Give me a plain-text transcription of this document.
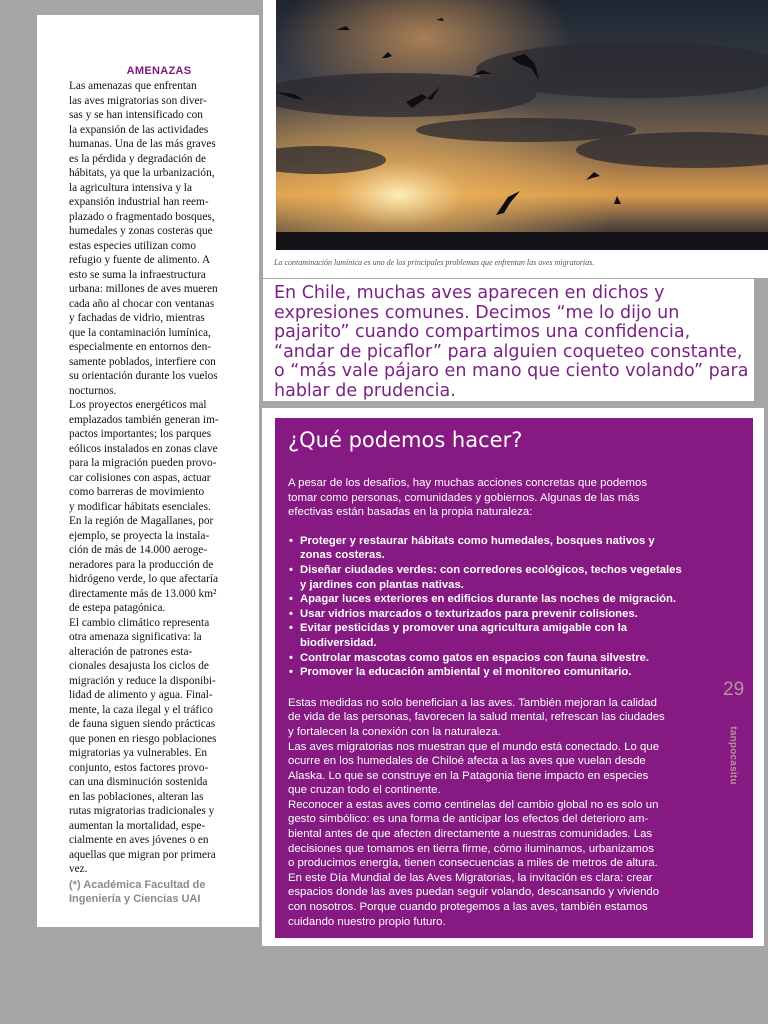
AMENAZAS

Las amenazas que enfrentan
las aves migratorias son diver-
sas y se han intensificado con
la expansión de las actividades
humanas. Una de las más graves
es la pérdida y degradación de
hábitats, ya que la urbanización,
la agricultura intensiva y la
expansión industrial han reem-
plazado o fragmentado bosques,
humedales y zonas costeras que
estas especies utilizan como
refugio y fuente de alimento. A
esto se suma la infraestructura
urbana: millones de aves mueren
cada año al chocar con ventanas
y fachadas de vidrio, mientras
que la contaminación lumínica,
especialmente en entornos den-
samente poblados, interfiere con
su orientación durante los vuelos
nocturnos.
Los proyectos energéticos mal
emplazados también generan im-
pactos importantes; los parques
eólicos instalados en zonas clave
para la migración pueden provo-
car colisiones con aspas, actuar
como barreras de movimiento
y modificar hábitats esenciales.
En la región de Magallanes, por
ejemplo, se proyecta la instala-
ción de más de 14.000 aeroge-
neradores para la producción de
hidrógeno verde, lo que afectaría
directamente más de 13.000 km²
de estepa patagónica.
El cambio climático representa
otra amenaza significativa: la
alteración de patrones esta-
cionales desajusta los ciclos de
migración y reduce la disponibi-
lidad de alimento y agua. Final-
mente, la caza ilegal y el tráfico
de fauna siguen siendo prácticas
que ponen en riesgo poblaciones
migratorias ya vulnerables. En
conjunto, estos factores provo-
can una disminución sostenida
en las poblaciones, alteran las
rutas migratorias tradicionales y
aumentan la mortalidad, espe-
cialmente en aves jóvenes o en
aquellas que migran por primera
vez.

(*) Académica Facultad de
Ingeniería y Ciencias UAI
La contaminación lumínica es uno de los principales problemas que enfrentan las aves migratorias.
En Chile, muchas aves aparecen en dichos y expresiones comunes. Decimos “me lo dijo un pajarito” cuando compartimos una confidencia, “andar de picaflor” para alguien coqueteo constante, o “más vale pájaro en mano que ciento volando” para hablar de prudencia.
¿Qué podemos hacer?

A pesar de los desafíos, hay muchas acciones concretas que podemos
tomar como personas, comunidades y gobiernos. Algunas de las más
efectivas están basadas en la propia naturaleza:

• Proteger y restaurar hábitats como humedales, bosques nativos y
zonas costeras.
• Diseñar ciudades verdes: con corredores ecológicos, techos vegetales
y jardines con plantas nativas.
• Apagar luces exteriores en edificios durante las noches de migración.
• Usar vidrios marcados o texturizados para prevenir colisiones.
• Evitar pesticidas y promover una agricultura amigable con la
biodiversidad.
• Controlar mascotas como gatos en espacios con fauna silvestre.
• Promover la educación ambiental y el monitoreo comunitario.

Estas medidas no solo benefician a las aves. También mejoran la calidad
de vida de las personas, favorecen la salud mental, refrescan las ciudades
y fortalecen la conexión con la naturaleza.
Las aves migratorias nos muestran que el mundo está conectado. Lo que
ocurre en los humedales de Chiloé afecta a las aves que vuelan desde
Alaska. Lo que se construye en la Patagonia tiene impacto en especies
que cruzan todo el continente.
Reconocer a estas aves como centinelas del cambio global no es solo un
gesto simbólico: es una forma de anticipar los efectos del deterioro am-
biental antes de que afecten directamente a nuestras comunidades. Las
decisiones que tomamos en tierra firme, cómo iluminamos, urbanizamos
o producimos energía, tienen consecuencias a miles de metros de altura.
En este Día Mundial de las Aves Migratorias, la invitación es clara: crear
espacios donde las aves puedan seguir volando, descansando y viviendo
con nosotros. Porque cuando protegemos a las aves, también estamos
cuidando nuestro propio futuro.

29
tanpocasitu
